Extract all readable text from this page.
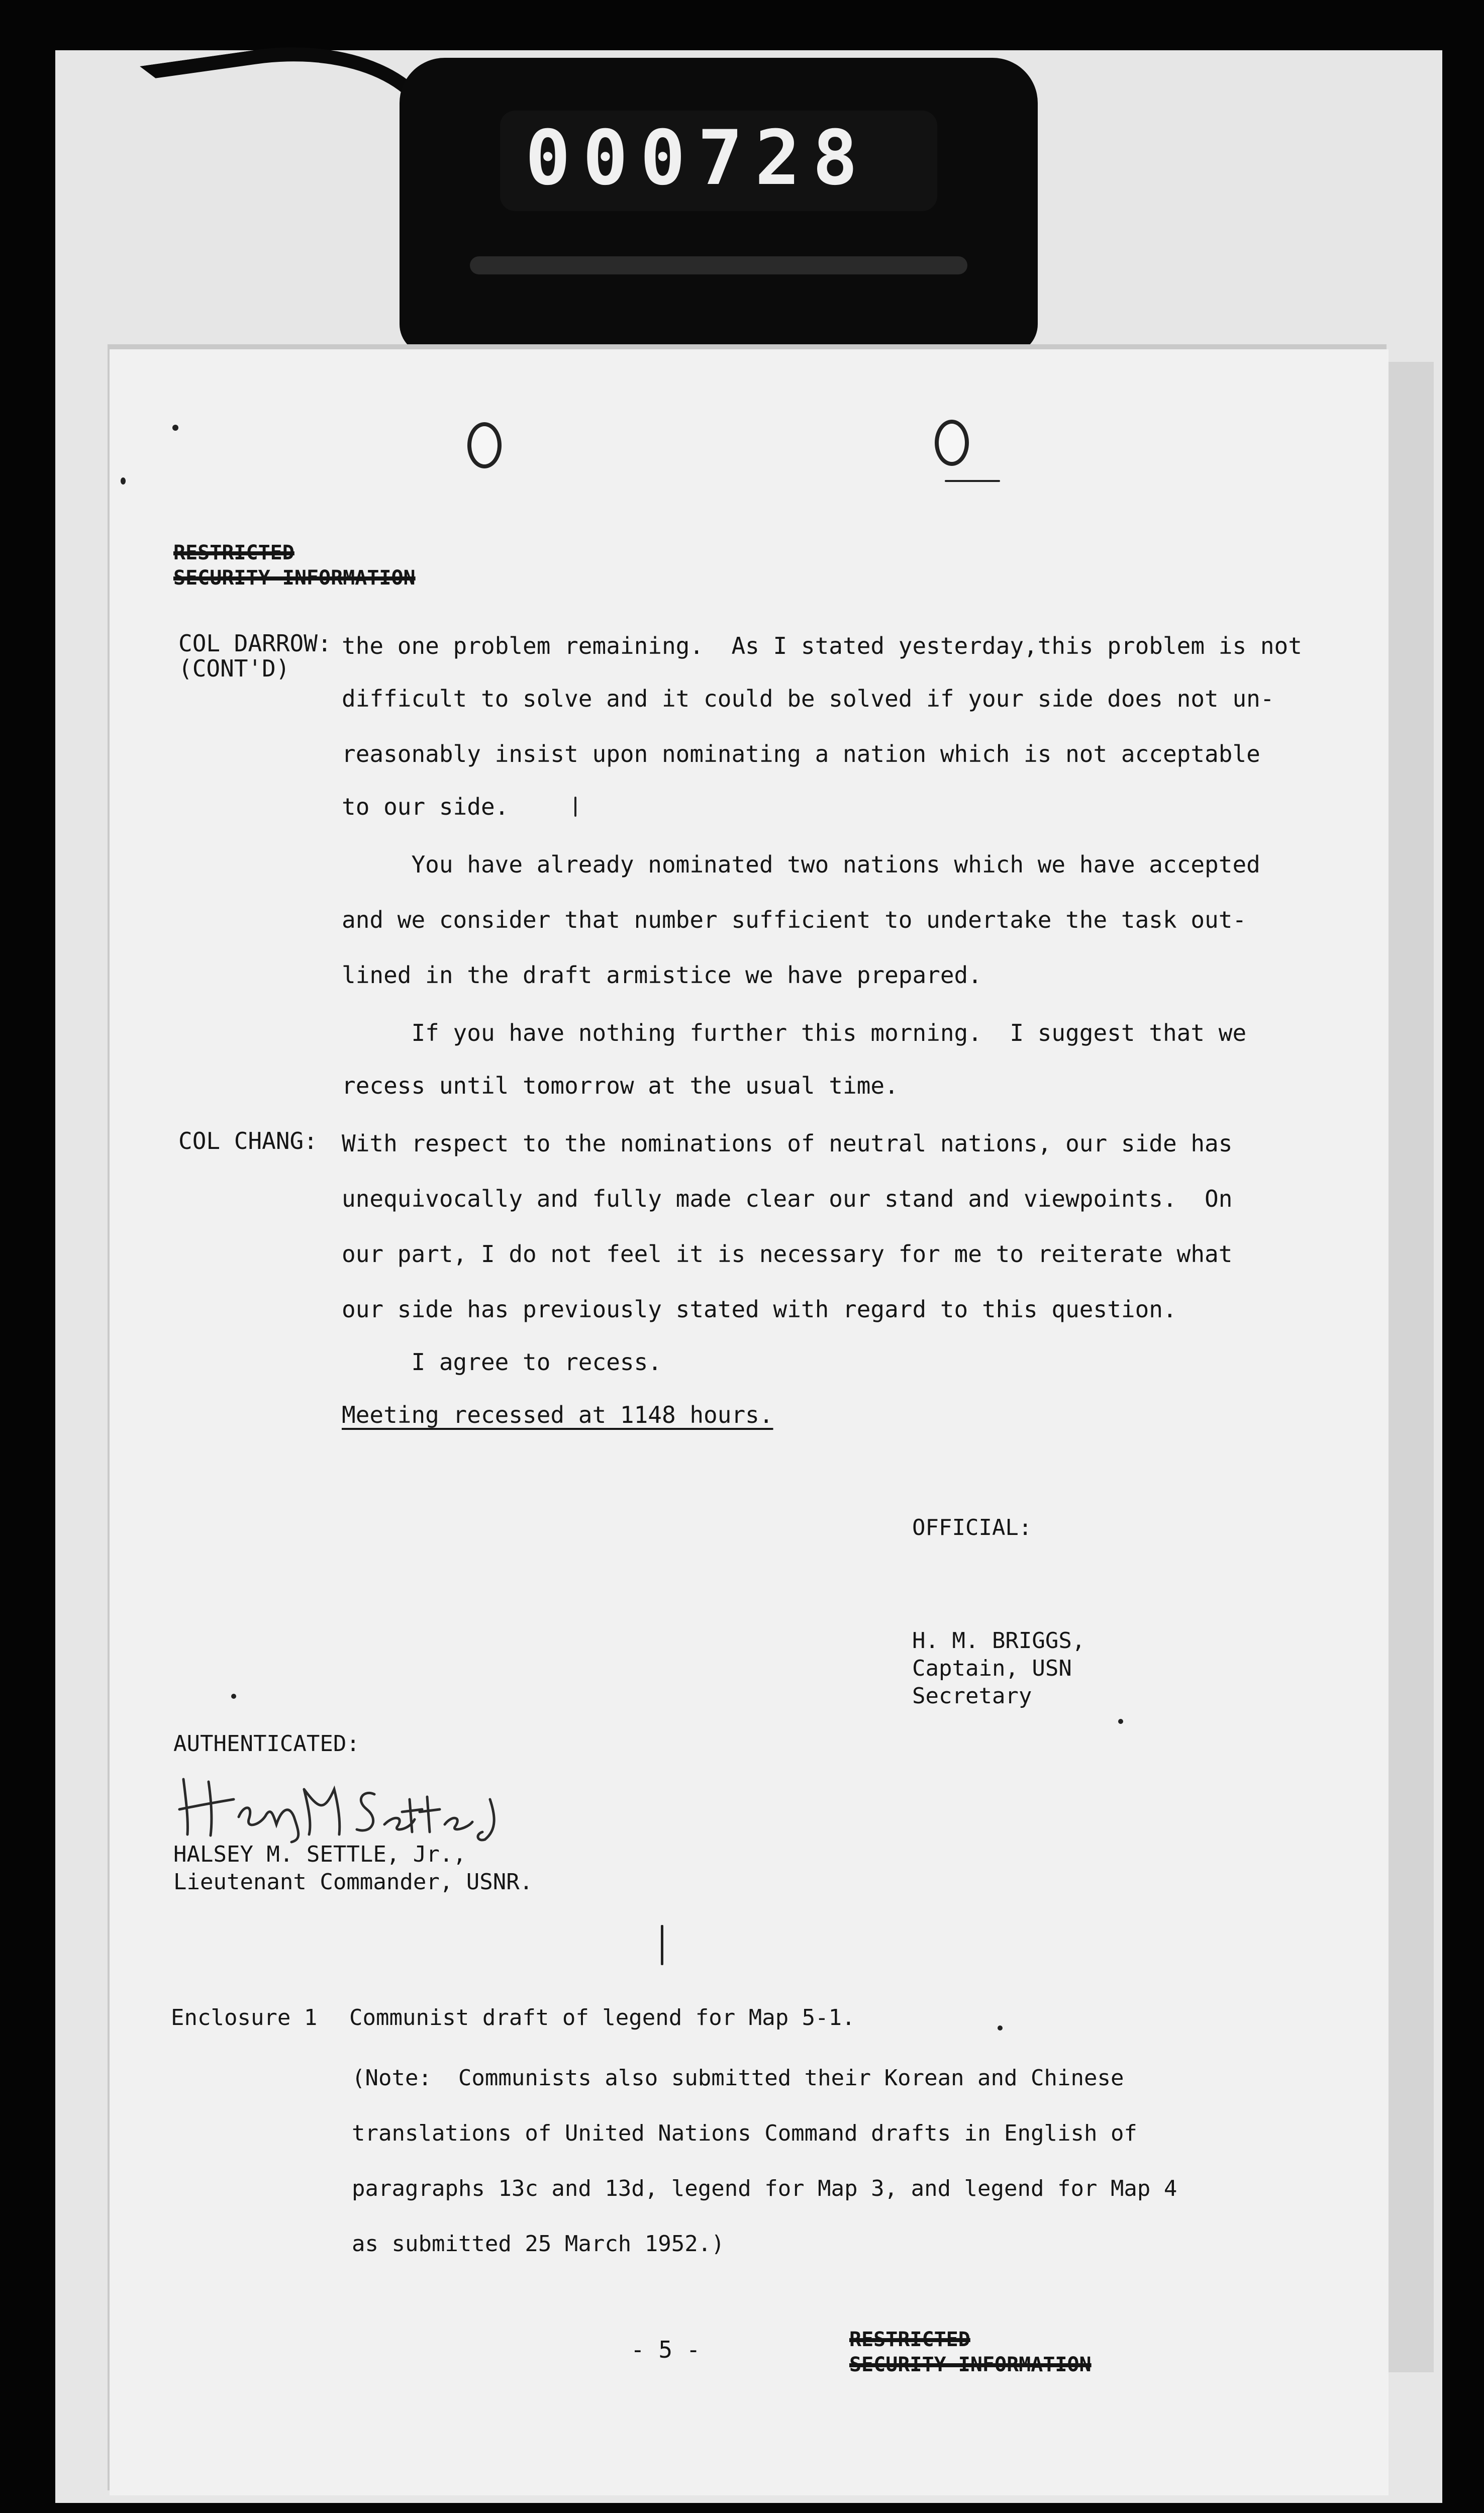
000728
RESTRICTED
SECURITY INFORMATION
COL DARROW:
(CONT'D)
the one problem remaining.  As I stated yesterday,this problem is not
difficult to solve and it could be solved if your side does not un-
reasonably insist upon nominating a nation which is not acceptable
to our side.
You have already nominated two nations which we have accepted
and we consider that number sufficient to undertake the task out-
lined in the draft armistice we have prepared.
If you have nothing further this morning.  I suggest that we
recess until tomorrow at the usual time.
COL CHANG: With respect to the nominations of neutral nations, our side has
unequivocally and fully made clear our stand and viewpoints.  On
our part, I do not feel it is necessary for me to reiterate what
our side has previously stated with regard to this question.
I agree to recess.
Meeting recessed at 1148 hours.
OFFICIAL:
H. M. BRIGGS,
Captain, USN
Secretary
AUTHENTICATED:
HALSEY M. SETTLE, Jr.,
Lieutenant Commander, USNR.
Enclosure 1 Communist draft of legend for Map 5-1.
(Note:  Communists also submitted their Korean and Chinese
translations of United Nations Command drafts in English of
paragraphs 13c and 13d, legend for Map 3, and legend for Map 4
as submitted 25 March 1952.)
- 5 -	RESTRICTED
SECURITY INFORMATION
